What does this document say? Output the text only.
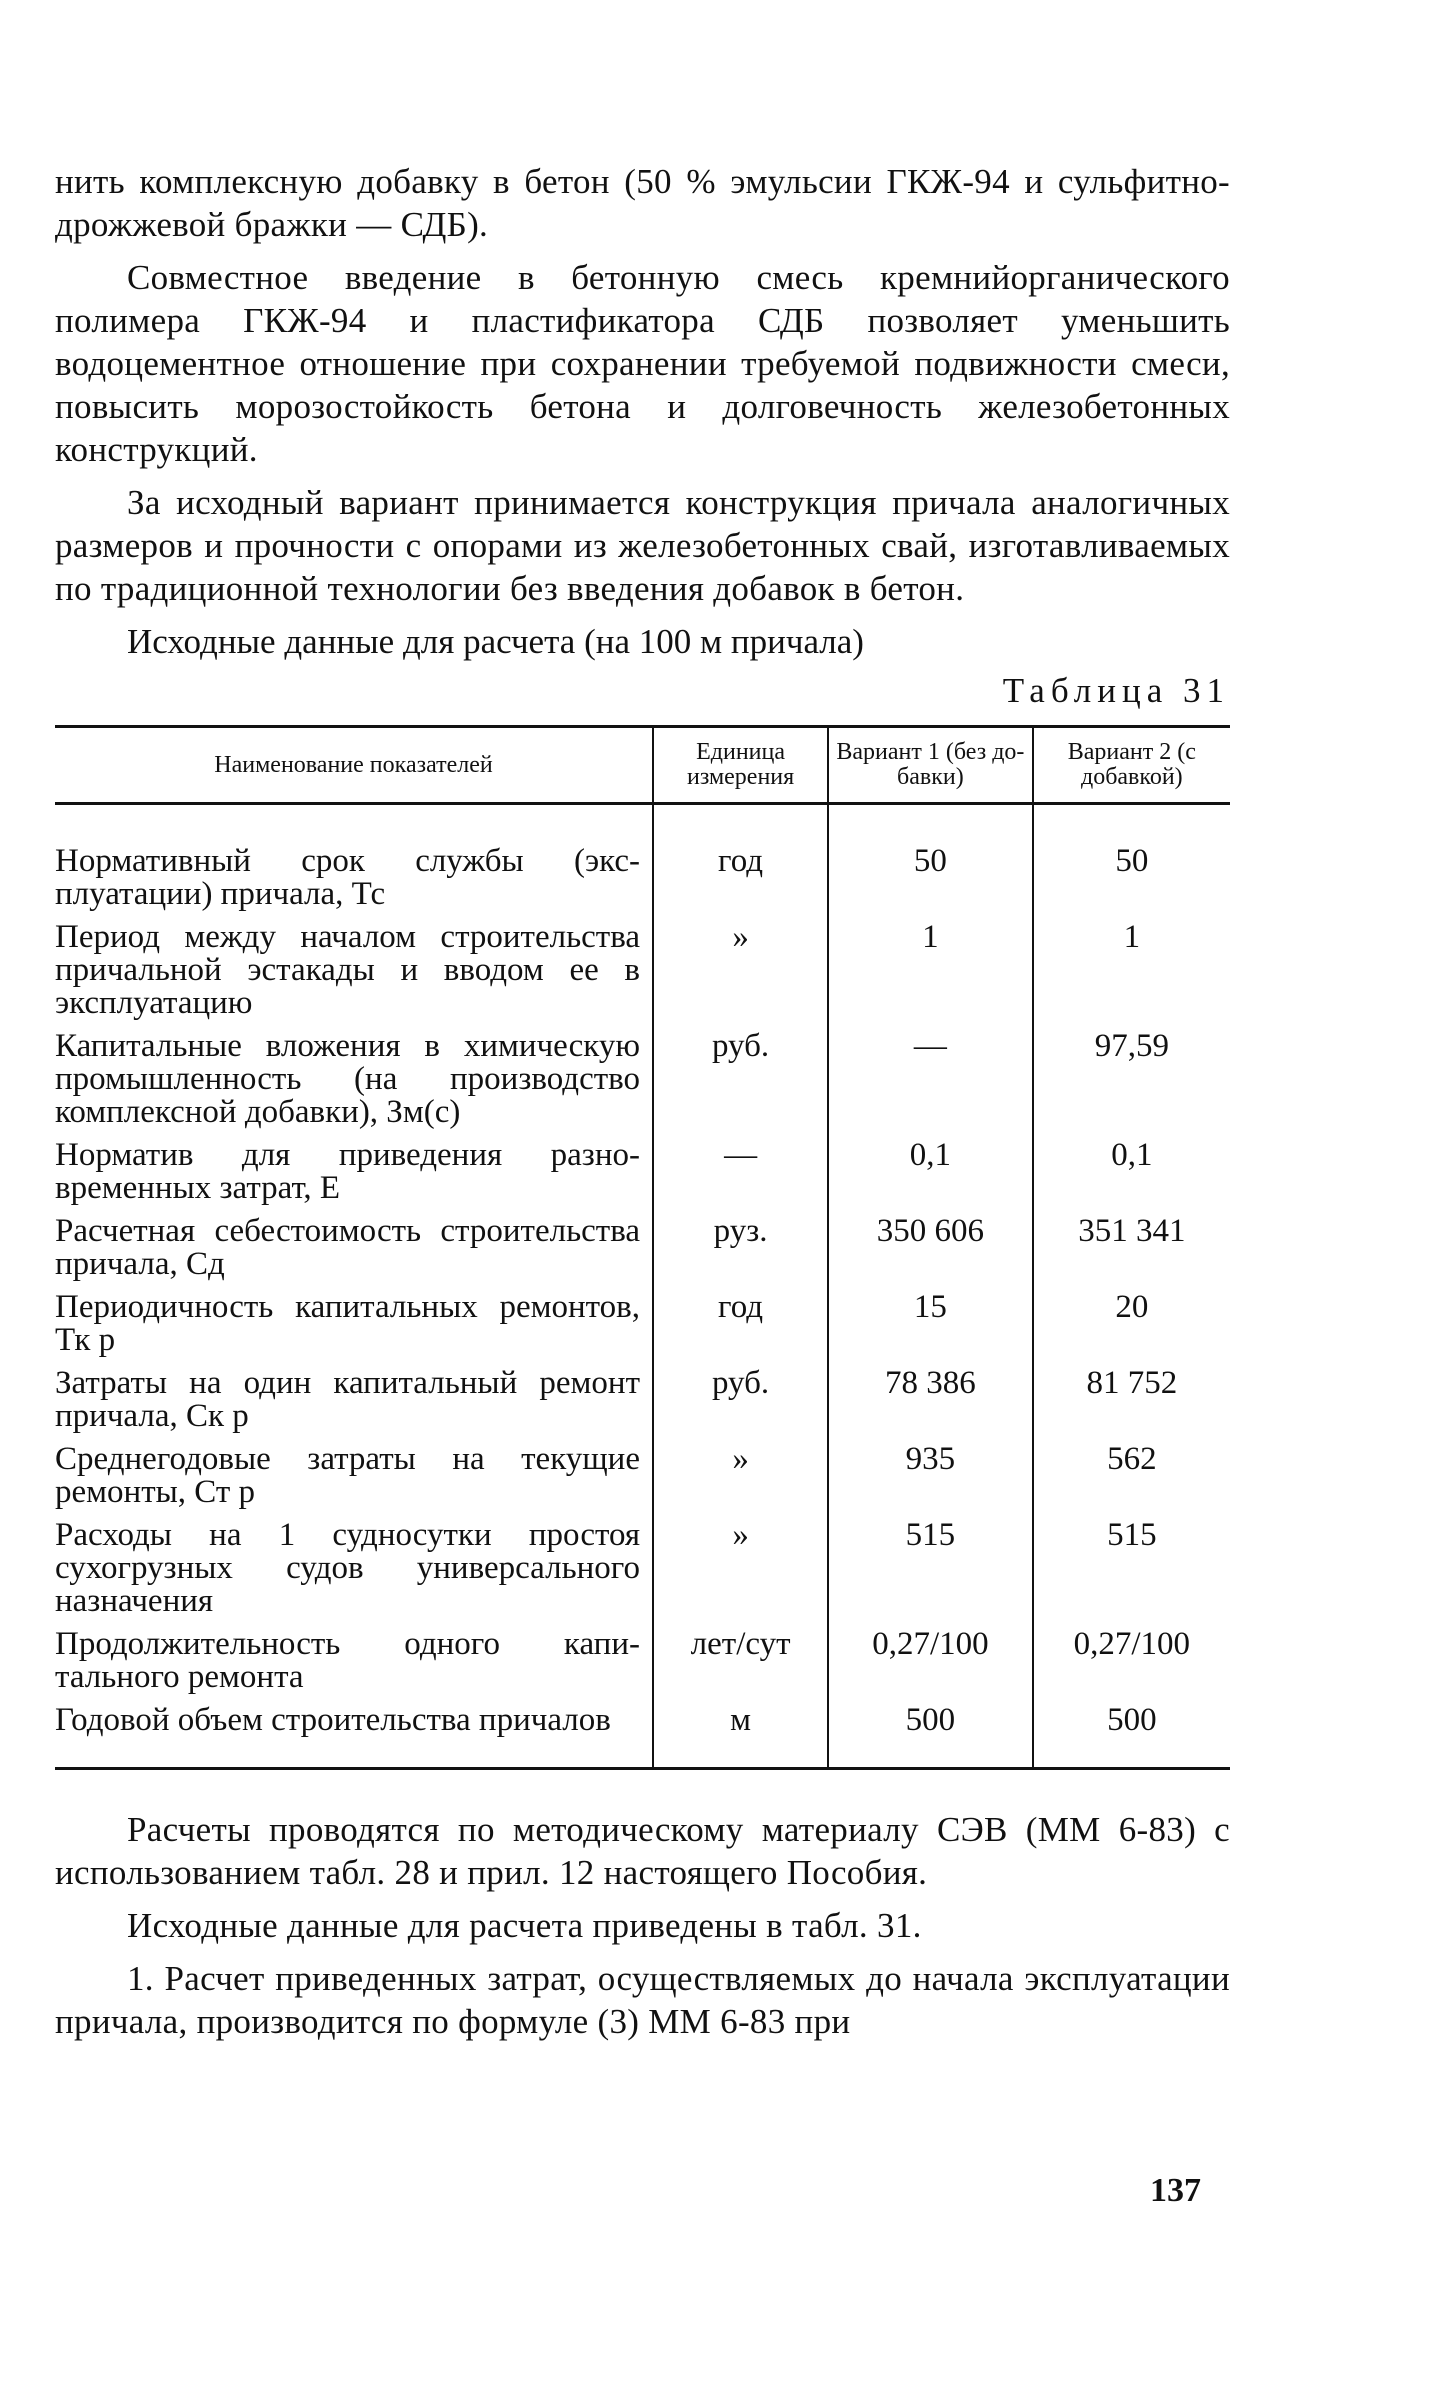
нить комплексную добавку в бетон (50 % эмульсии ГКЖ-94 и сульфитно-дрожжевой бражки — СДБ).

Совместное введение в бетонную смесь кремнийорганического полимера ГКЖ-94 и пластификатора СДБ позволяет уменьшить водоцементное отношение при сохранении требуемой подвижности смеси, повысить морозостойкость бетона и долговечность железобетонных конструкций.

За исходный вариант принимается конструкция причала аналогичных размеров и прочности с опорами из железобетонных свай, изготавливаемых по традиционной технологии без введения добавок в бетон.

Исходные данные для расчета (на 100 м причала)
Таблица 31
Наименование показателей	Единица измерения	Вариант 1 (без добавки)	Вариант 2 (с добавкой)
Нормативный срок службы (эксплуатации) причала, Тс	год	50	50
Период между началом строительства причальной эстакады и вводом ее в эксплуатацию	»	1	1
Капитальные вложения в химическую промышленность (на производство комплексной добавки), Зм(с)	руб.	—	97,59
Норматив для приведения разновременных затрат, Е	—	0,1	0,1
Расчетная себестоимость строительства причала, Сд	руз.	350 606	351 341
Периодичность капитальных ремонтов, Тк р	год	15	20
Затраты на один капитальный ремонт причала, Ск р	руб.	78 386	81 752
Среднегодовые затраты на текущие ремонты, Ст р	»	935	562
Расходы на 1 судносутки простоя сухогрузных судов универсального назначения	»	515	515
Продолжительность одного капитального ремонта	лет/сут	0,27/100	0,27/100
Годовой объем строительства причалов	м	500	500

Расчеты проводятся по методическому материалу СЭВ (ММ 6-83) с использованием табл. 28 и прил. 12 настоящего Пособия.

Исходные данные для расчета приведены в табл. 31.

1. Расчет приведенных затрат, осуществляемых до начала эксплуатации причала, производится по формуле (3) ММ 6-83 при

137
